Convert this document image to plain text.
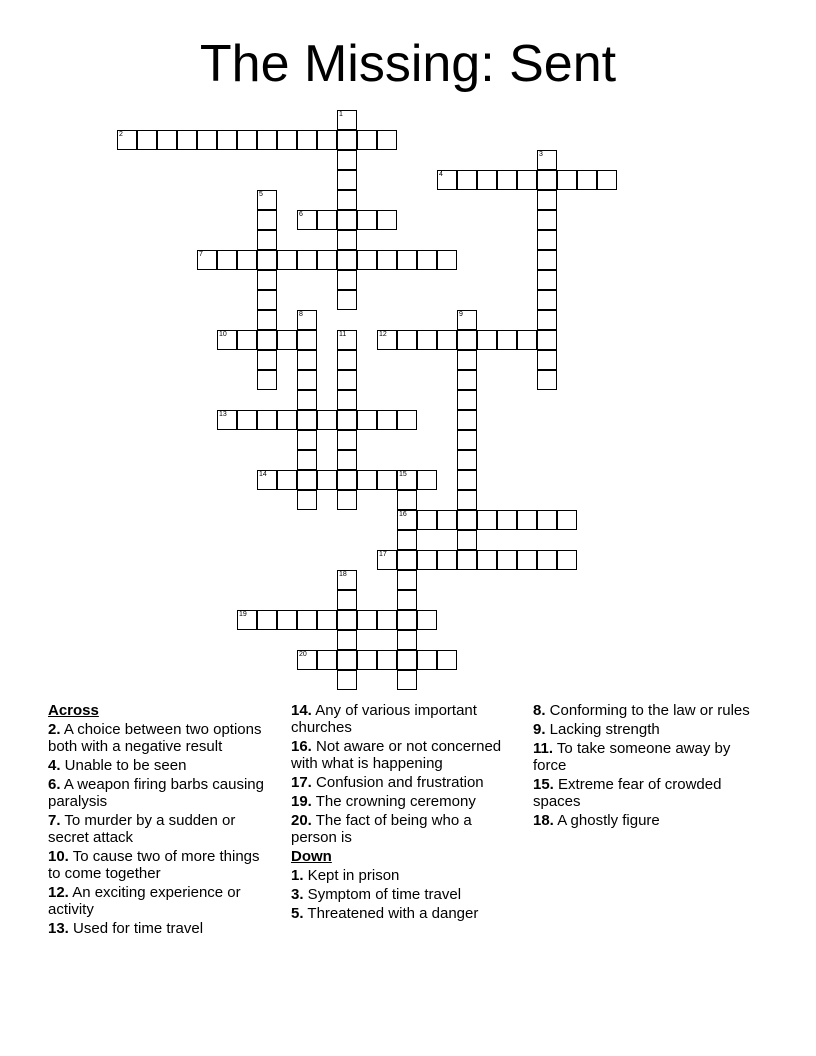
The Missing: Sent
1
2
3
4
5
6
7
8	9
10	11	12
13
14	15
16
17
18
19
20
Across
2. A choice between two options both with a negative result
4. Unable to be seen
6. A weapon firing barbs causing paralysis
7. To murder by a sudden or secret attack
10. To cause two of more things to come together
12. An exciting experience or activity
13. Used for time travel
14. Any of various important churches
16. Not aware or not concerned with what is happening
17. Confusion and frustration
19. The crowning ceremony
20. The fact of being who a person is
Down
1. Kept in prison
3. Symptom of time travel
5. Threatened with a danger
8. Conforming to the law or rules
9. Lacking strength
11. To take someone away by force
15. Extreme fear of crowded spaces
18. A ghostly figure
